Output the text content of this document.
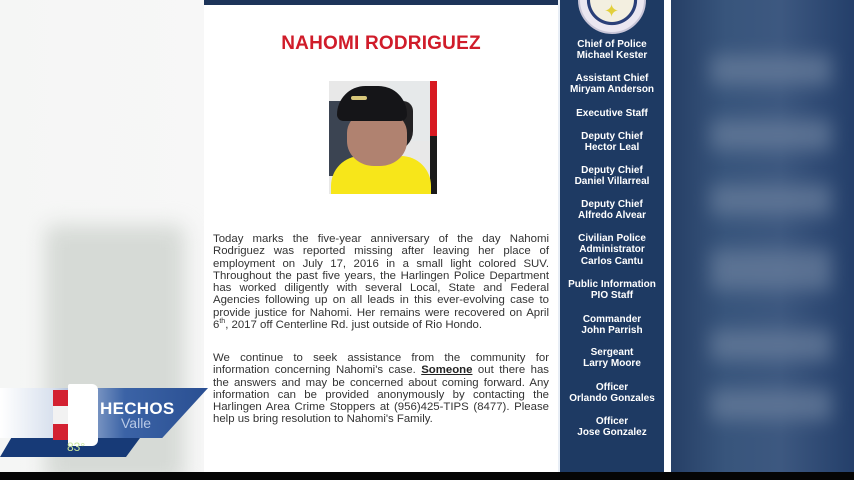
NAHOMI RODRIGUEZ

Today marks the five-year anniversary of the day Nahomi Rodriguez was reported missing after leaving her place of employment on July 17, 2016 in a small light colored SUV. Throughout the past five years, the Harlingen Police Department has worked diligently with several Local, State and Federal Agencies following up on all leads in this ever-evolving case to provide justice for Nahomi. Her remains were recovered on April 6th, 2017 off Centerline Rd. just outside of Rio Hondo.

We continue to seek assistance from the community for information concerning Nahomi's case. Someone out there has the answers and may be concerned about coming forward. Any information can be provided anonymously by contacting the Harlingen Area Crime Stoppers at (956)425-TIPS (8477). Please help us bring resolution to Nahomi's Family.

✦
Chief of Police
Michael Kester
Assistant Chief
Miryam Anderson
Executive Staff
Deputy Chief
Hector Leal
Deputy Chief
Daniel Villarreal
Deputy Chief
Alfredo Alvear
Civilian Police Administrator
Carlos Cantu
Public Information
PIO Staff
Commander
John Parrish
Sergeant
Larry Moore
Officer
Orlando Gonzales
Officer
Jose Gonzalez
HECHOS
Valle
83°
